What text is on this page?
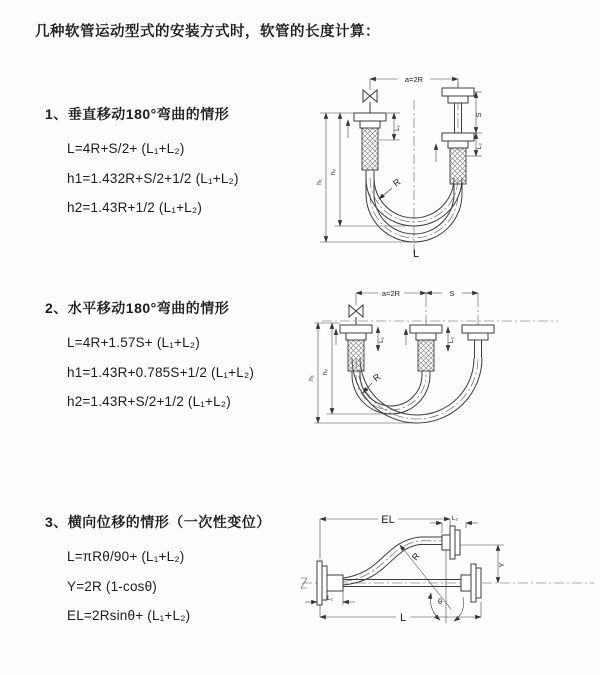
几种软管运动型式的安装方式时，软管的长度计算：
1、垂直移动180°弯曲的情形
L=4R+S/2+ (L₁+L₂)
h1=1.432R+S/2+1/2 (L₁+L₂)
h2=1.43R+1/2 (L₁+L₂)
2、水平移动180°弯曲的情形
L=4R+1.57S+ (L₁+L₂)
h1=1.43R+0.785S+1/2 (L₁+L₂)
h2=1.43R+S/2+1/2 (L₁+L₂)
3、横向位移的情形（一次性变位）
L=πRθ/90+ (L₁+L₂)
Y=2R (1-cosθ)
EL=2Rsinθ+ (L₁+L₂)
a=2R
S
L₂
L₁
h₁
h₂
R
L
a=2R	S
h₁
h₂
L₁	L₂
R
R
θ
EL	L₂
Y
L
L₁
